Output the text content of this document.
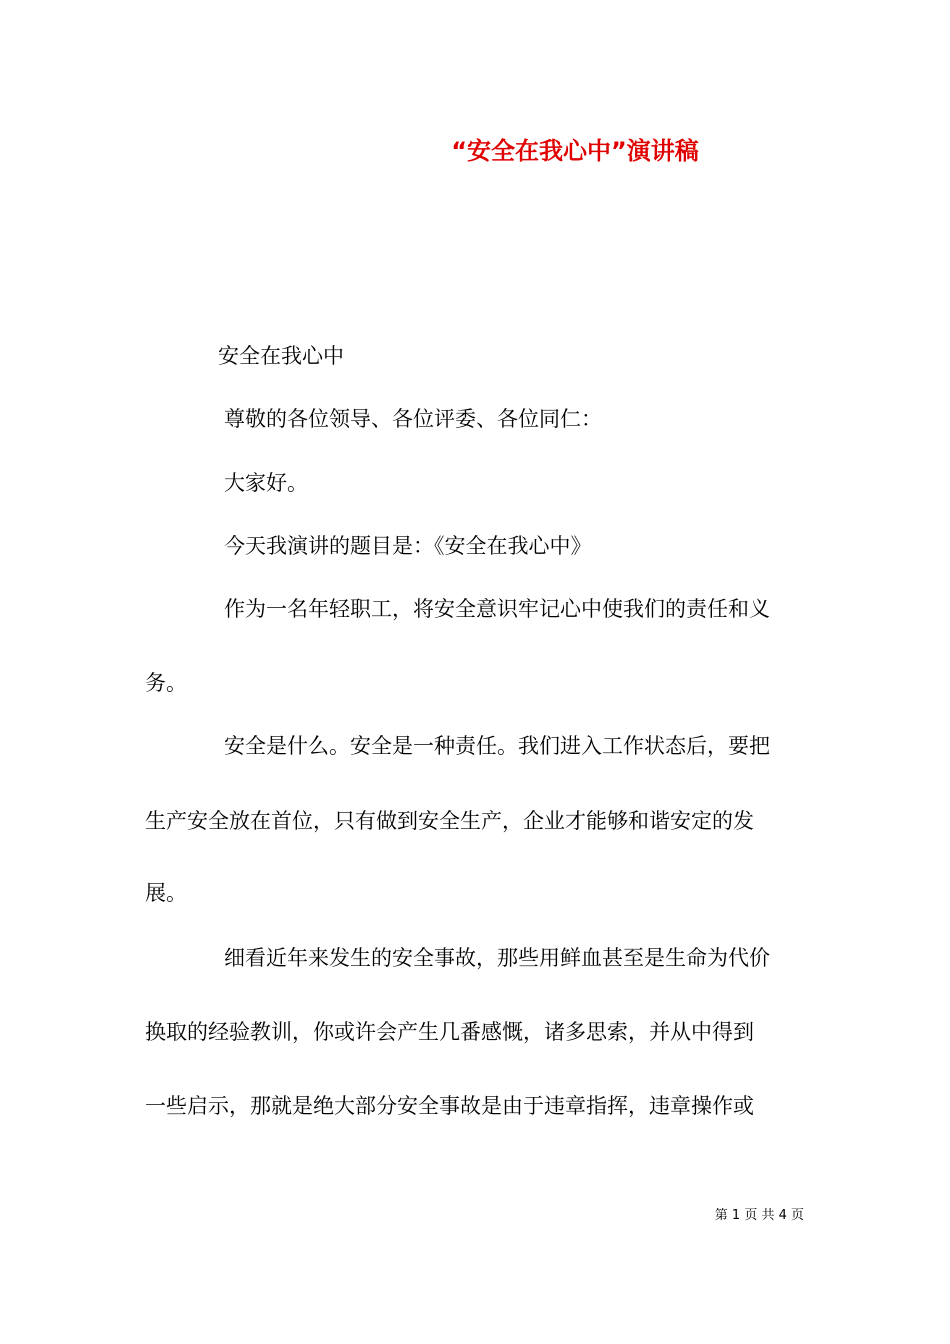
“安全在我心中”演讲稿
安全在我心中
尊敬的各位领导、各位评委、各位同仁：
大家好。
今天我演讲的题目是：《安全在我心中》
作为一名年轻职工，将安全意识牢记心中使我们的责任和义
务。
安全是什么。安全是一种责任。我们进入工作状态后，要把
生产安全放在首位，只有做到安全生产，企业才能够和谐安定的发
展。
细看近年来发生的安全事故，那些用鲜血甚至是生命为代价
换取的经验教训，你或许会产生几番感慨，诸多思索，并从中得到
一些启示，那就是绝大部分安全事故是由于违章指挥，违章操作或
第 1 页 共 4 页
